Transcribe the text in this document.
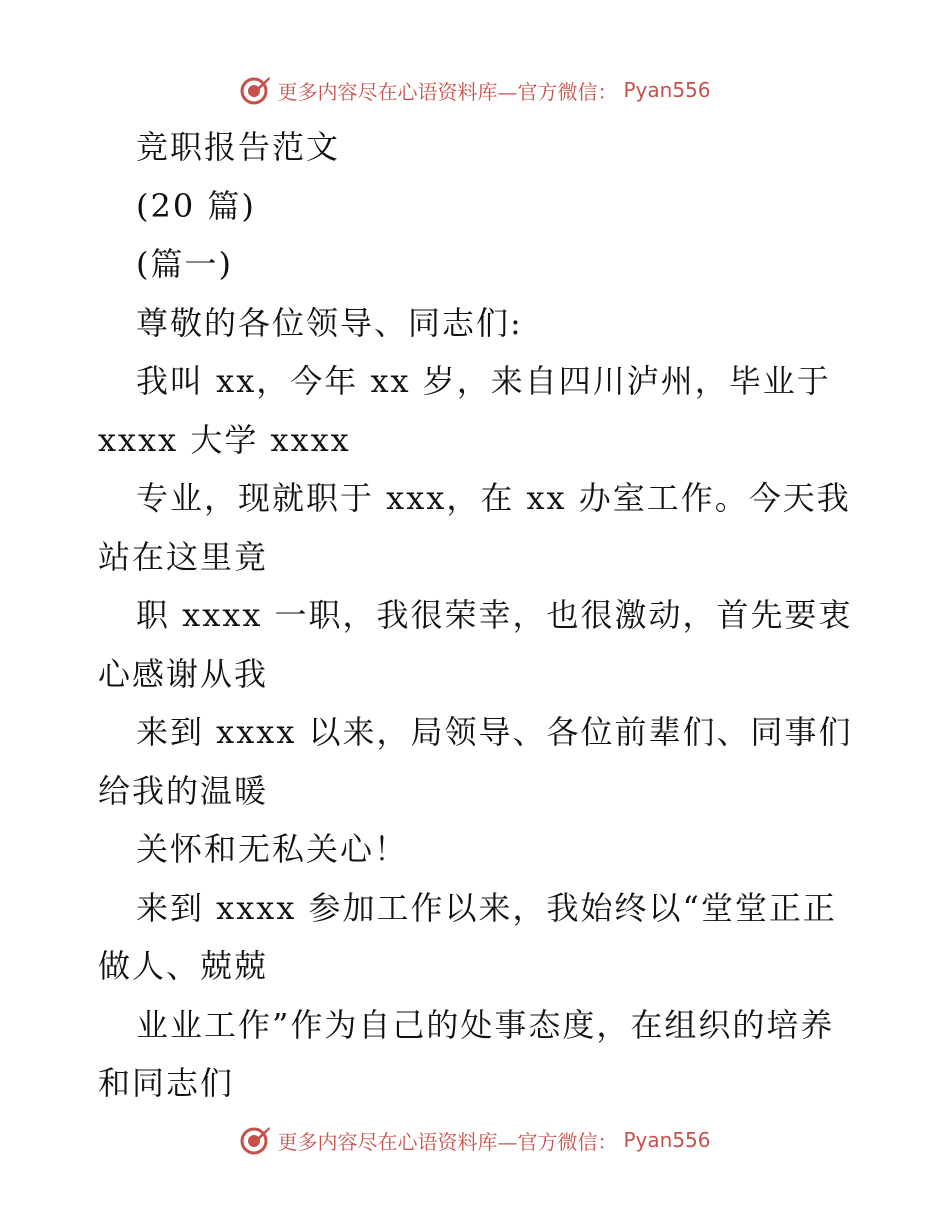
更多内容尽在心语资料库—官方微信： Pyan556
竞职报告范文
(20 篇)
(篇一)
尊敬的各位领导、同志们:
我叫 xx，今年 xx 岁，来自四川泸州，毕业于
xxxx 大学 xxxx
专业，现就职于 xxx，在 xx 办室工作。今天我
站在这里竟
职 xxxx 一职，我很荣幸，也很激动，首先要衷
心感谢从我
来到 xxxx 以来，局领导、各位前辈们、同事们
给我的温暖
关怀和无私关心！
来到 xxxx 参加工作以来，我始终以“堂堂正正
做人、兢兢
业业工作”作为自己的处事态度，在组织的培养
和同志们
更多内容尽在心语资料库—官方微信： Pyan556
